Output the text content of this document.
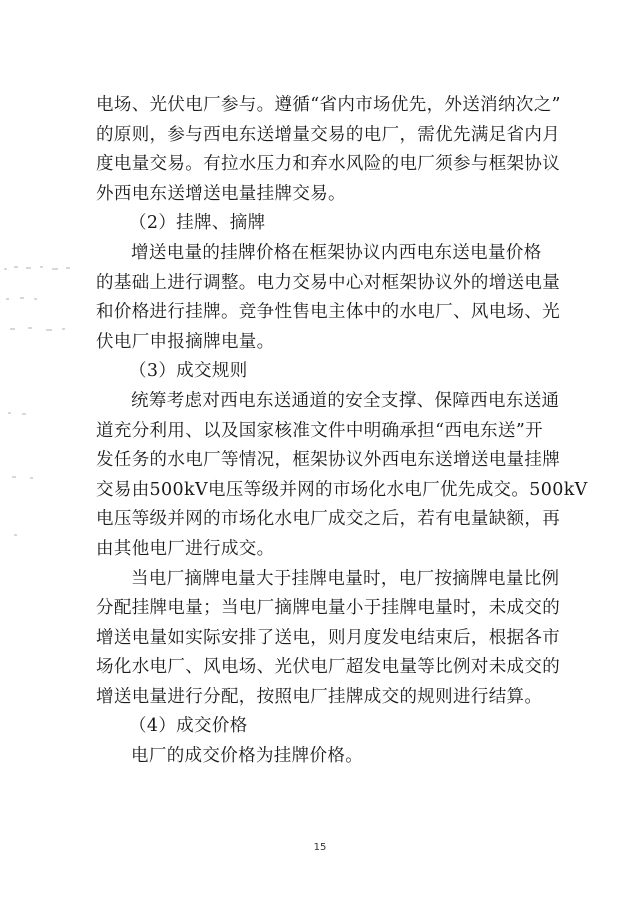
电场、光伏电厂参与。遵循“省内市场优先，外送消纳次之”
的原则，参与西电东送增量交易的电厂，需优先满足省内月
度电量交易。有拉水压力和弃水风险的电厂须参与框架协议
外西电东送增送电量挂牌交易。
（2）挂牌、摘牌
增送电量的挂牌价格在框架协议内西电东送电量价格
的基础上进行调整。电力交易中心对框架协议外的增送电量
和价格进行挂牌。竞争性售电主体中的水电厂、风电场、光
伏电厂申报摘牌电量。
（3）成交规则
统筹考虑对西电东送通道的安全支撑、保障西电东送通
道充分利用、以及国家核准文件中明确承担“西电东送”开
发任务的水电厂等情况，框架协议外西电东送增送电量挂牌
交易由500kV电压等级并网的市场化水电厂优先成交。500kV
电压等级并网的市场化水电厂成交之后，若有电量缺额，再
由其他电厂进行成交。
当电厂摘牌电量大于挂牌电量时，电厂按摘牌电量比例
分配挂牌电量；当电厂摘牌电量小于挂牌电量时，未成交的
增送电量如实际安排了送电，则月度发电结束后，根据各市
场化水电厂、风电场、光伏电厂超发电量等比例对未成交的
增送电量进行分配，按照电厂挂牌成交的规则进行结算。
（4）成交价格
电厂的成交价格为挂牌价格。
15
